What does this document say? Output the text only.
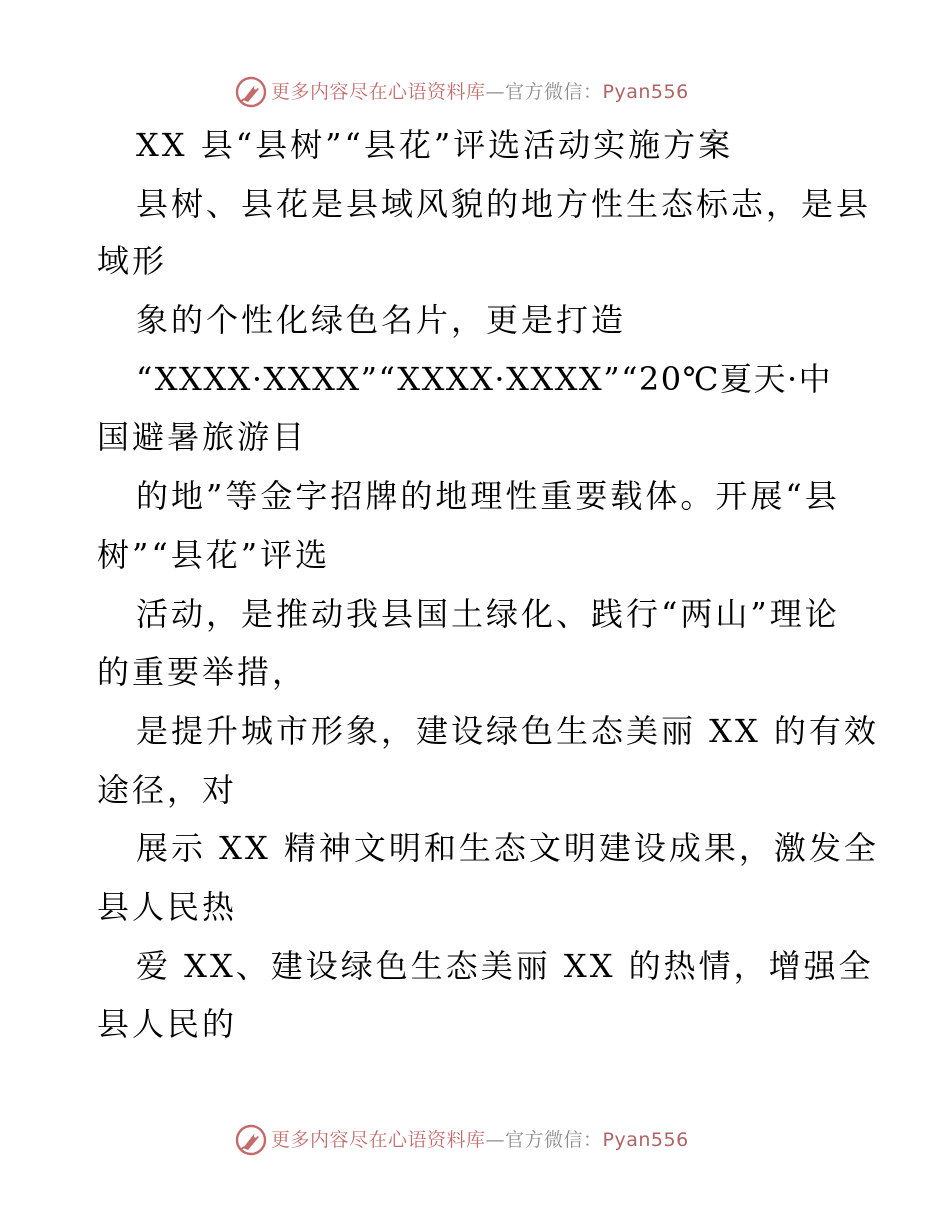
更多内容尽在心语资料库—官方微信：Pyan556
XX 县“县树”“县花”评选活动实施方案
县树、县花是县域风貌的地方性生态标志，是县
域形
象的个性化绿色名片，更是打造
“XXXX·XXXX”“XXXX·XXXX”“20℃夏天·中
国避暑旅游目
的地”等金字招牌的地理性重要载体。开展“县
树”“县花”评选
活动，是推动我县国土绿化、践行“两山”理论
的重要举措，
是提升城市形象，建设绿色生态美丽 XX 的有效
途径，对
展示 XX 精神文明和生态文明建设成果，激发全
县人民热
爱 XX、建设绿色生态美丽 XX 的热情，增强全
县人民的
更多内容尽在心语资料库—官方微信：Pyan556
